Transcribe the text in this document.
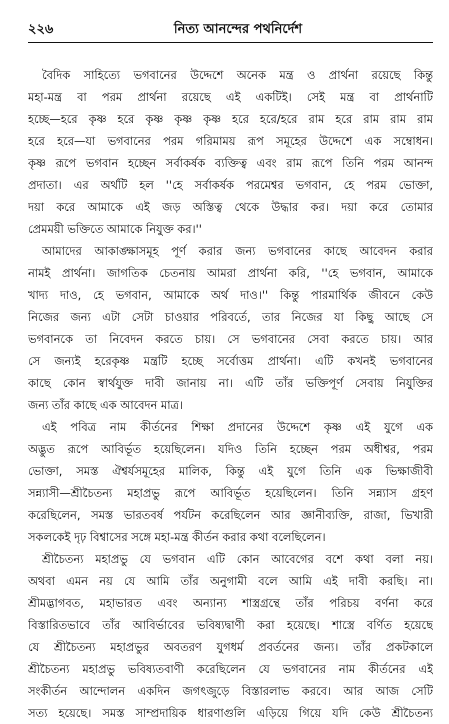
২২৬	নিত্য আনন্দের পথনির্দেশ
বৈদিক সাহিত্যে ভগবানের উদ্দেশে অনেক মন্ত্র ও প্রার্থনা রয়েছে কিন্তু
মহা-মন্ত্র বা পরম প্রার্থনা রয়েছে এই একটিই। সেই মন্ত্র বা প্রার্থনাটি
হচ্ছে—হরে কৃষ্ণ হরে কৃষ্ণ কৃষ্ণ কৃষ্ণ হরে হরে/হরে রাম হরে রাম রাম রাম
হরে হরে—যা ভগবানের পরম গরিমাময় রূপ সমূহের উদ্দেশে এক সম্বোধন।
কৃষ্ণ রূপে ভগবান হচ্ছেন সর্বাকর্ষক ব্যক্তিত্ব এবং রাম রূপে তিনি পরম আনন্দ
প্রদাতা। এর অর্থটি হল ''হে সর্বাকর্ষক পরমেশ্বর ভগবান, হে পরম ভোক্তা,
দয়া করে আমাকে এই জড় অস্তিত্ব থেকে উদ্ধার কর। দয়া করে তোমার
প্রেমময়ী ভক্তিতে আমাকে নিযুক্ত কর।''
আমাদের আকাঙ্ক্ষাসমূহ পূর্ণ করার জন্য ভগবানের কাছে আবেদন করার
নামই প্রার্থনা। জাগতিক চেতনায় আমরা প্রার্থনা করি, ''হে ভগবান, আমাকে
খাদ্য দাও, হে ভগবান, আমাকে অর্থ দাও।'' কিন্তু পারমার্থিক জীবনে কেউ
নিজের জন্য এটা সেটা চাওয়ার পরিবর্তে, তার নিজের যা কিছু আছে সে
ভগবানকে তা নিবেদন করতে চায়। সে ভগবানের সেবা করতে চায়। আর
সে জন্যই হরেকৃষ্ণ মন্ত্রটি হচ্ছে সর্বোত্তম প্রার্থনা। এটি কখনই ভগবানের
কাছে কোন স্বার্থযুক্ত দাবী জানায় না। এটি তাঁর ভক্তিপূর্ণ সেবায় নিযুক্তির
জন্য তাঁর কাছে এক আবেদন মাত্র।
এই পবিত্র নাম কীর্তনের শিক্ষা প্রদানের উদ্দেশে কৃষ্ণ এই যুগে এক
অদ্ভুত রূপে আবির্ভূত হয়েছিলেন। যদিও তিনি হচ্ছেন পরম অধীশ্বর, পরম
ভোক্তা, সমস্ত ঐশ্বর্যসমূহের মালিক, কিন্তু এই যুগে তিনি এক ভিক্ষাজীবী
সন্ন্যাসী—শ্রীচৈতন্য মহাপ্রভু রূপে আবির্ভূত হয়েছিলেন। তিনি সন্ন্যাস গ্রহণ
করেছিলেন, সমস্ত ভারতবর্ষ পর্যটন করেছিলেন আর জ্ঞানীব্যক্তি, রাজা, ভিখারী
সকলকেই দৃঢ় বিশ্বাসের সঙ্গে মহা-মন্ত্র কীর্তন করার কথা বলেছিলেন।
শ্রীচৈতন্য মহাপ্রভু যে ভগবান এটি কোন আবেগের বশে কথা বলা নয়।
অথবা এমন নয় যে আমি তাঁর অনুগামী বলে আমি এই দাবী করছি। না।
শ্রীমদ্ভাগবত, মহাভারত এবং অন্যান্য শাস্ত্রগ্রন্থে তাঁর পরিচয় বর্ণনা করে
বিস্তারিতভাবে তাঁর আবির্ভাবের ভবিষ্যদ্বাণী করা হয়েছে। শাস্ত্রে বর্ণিত হয়েছে
যে শ্রীচৈতন্য মহাপ্রভুর অবতরণ যুগধর্ম প্রবর্তনের জন্য। তাঁর প্রকটকালে
শ্রীচৈতন্য মহাপ্রভু ভবিষ্যতবাণী করেছিলেন যে ভগবানের নাম কীর্তনের এই
সংকীর্তন আন্দোলন একদিন জগৎজুড়ে বিস্তারলাভ করবে। আর আজ সেটি
সত্য হয়েছে। সমস্ত সাম্প্রদায়িক ধারণাগুলি এড়িয়ে গিয়ে যদি কেউ শ্রীচৈতন্য
